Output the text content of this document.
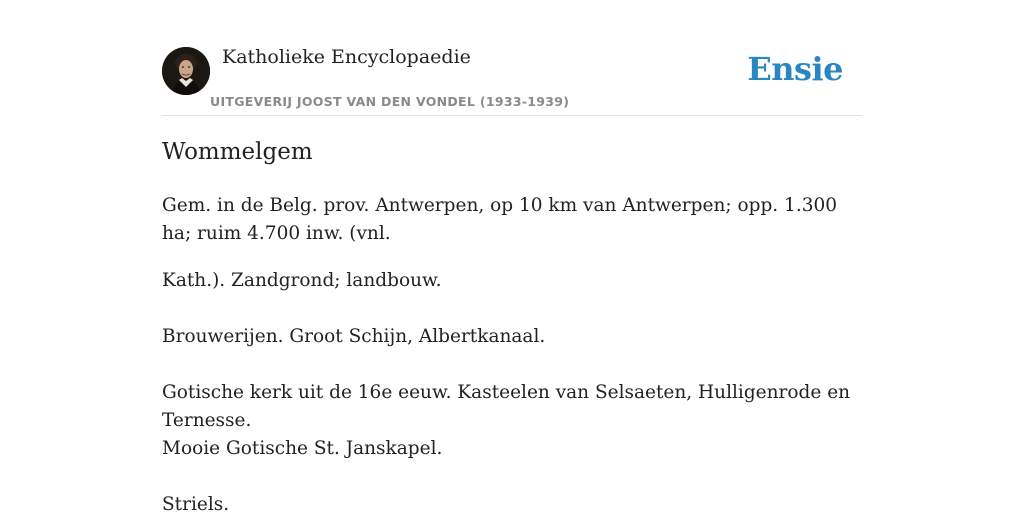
Katholieke Encyclopaedie
UITGEVERIJ JOOST VAN DEN VONDEL (1933-1939)
Ensie
Wommelgem

Gem. in de Belg. prov. Antwerpen, op 10 km van Antwerpen; opp. 1.300 ha; ruim 4.700 inw. (vnl.

Kath.). Zandgrond; landbouw.

Brouwerijen. Groot Schijn, Albertkanaal.

Gotische kerk uit de 16e eeuw. Kasteelen van Selsaeten, Hulligenrode en Ternesse.

Mooie Gotische St. Janskapel.

Striels.
